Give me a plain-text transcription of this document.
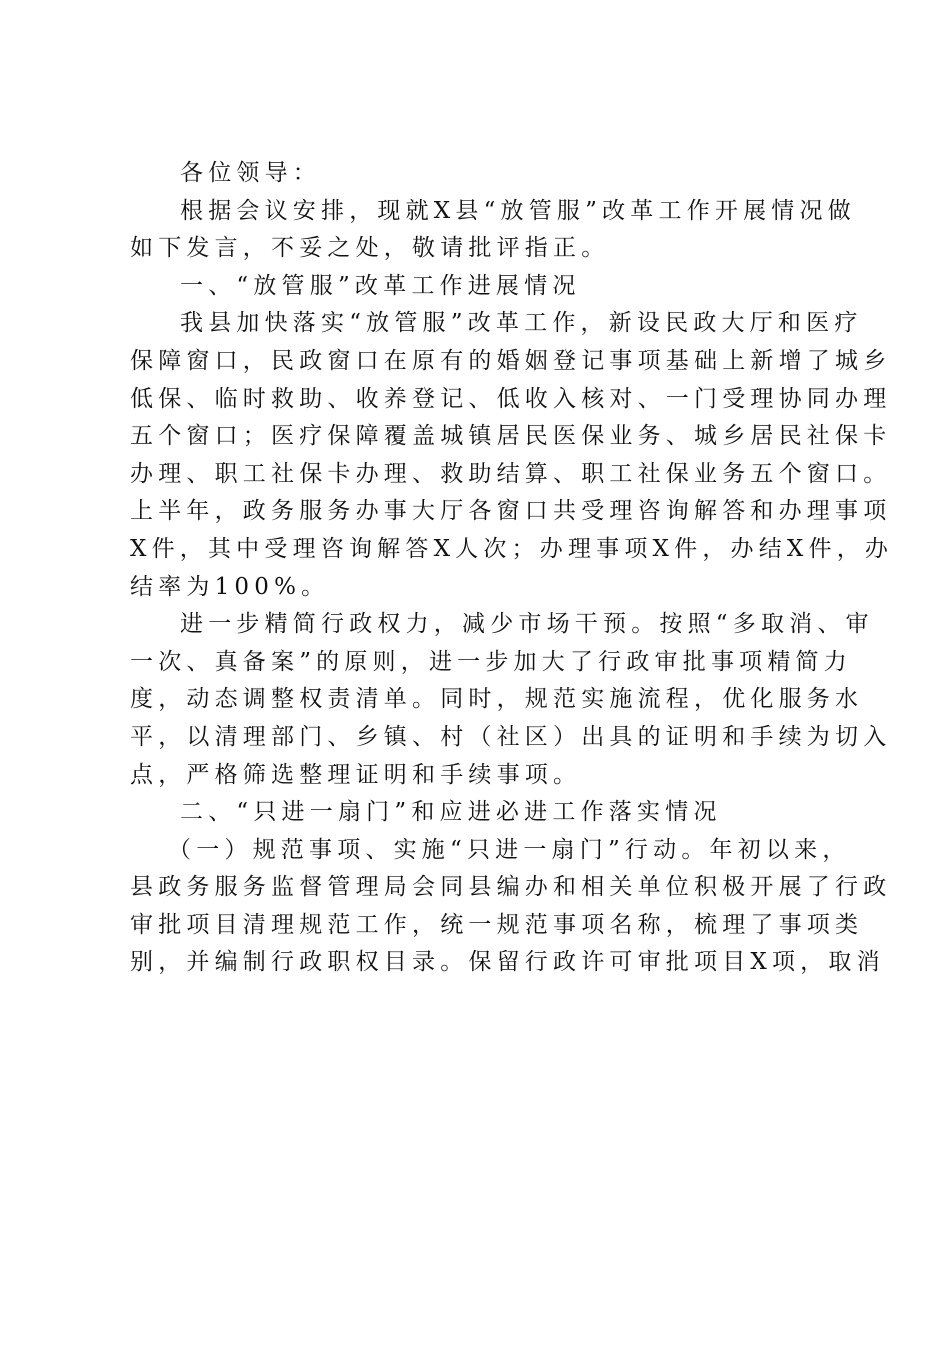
各位领导：

根据会议安排，现就X县“放管服”改革工作开展情况做
如下发言，不妥之处，敬请批评指正。

一、“放管服”改革工作进展情况

我县加快落实“放管服”改革工作，新设民政大厅和医疗
保障窗口，民政窗口在原有的婚姻登记事项基础上新增了城乡
低保、临时救助、收养登记、低收入核对、一门受理协同办理
五个窗口；医疗保障覆盖城镇居民医保业务、城乡居民社保卡
办理、职工社保卡办理、救助结算、职工社保业务五个窗口。
上半年，政务服务办事大厅各窗口共受理咨询解答和办理事项
X件，其中受理咨询解答X人次；办理事项X件，办结X件，办
结率为100%。

进一步精简行政权力，减少市场干预。按照“多取消、审
一次、真备案”的原则，进一步加大了行政审批事项精简力
度，动态调整权责清单。同时，规范实施流程，优化服务水
平，以清理部门、乡镇、村（社区）出具的证明和手续为切入
点，严格筛选整理证明和手续事项。

二、“只进一扇门”和应进必进工作落实情况

（一）规范事项、实施“只进一扇门”行动。年初以来，
县政务服务监督管理局会同县编办和相关单位积极开展了行政
审批项目清理规范工作，统一规范事项名称，梳理了事项类
别，并编制行政职权目录。保留行政许可审批项目X项，取消
